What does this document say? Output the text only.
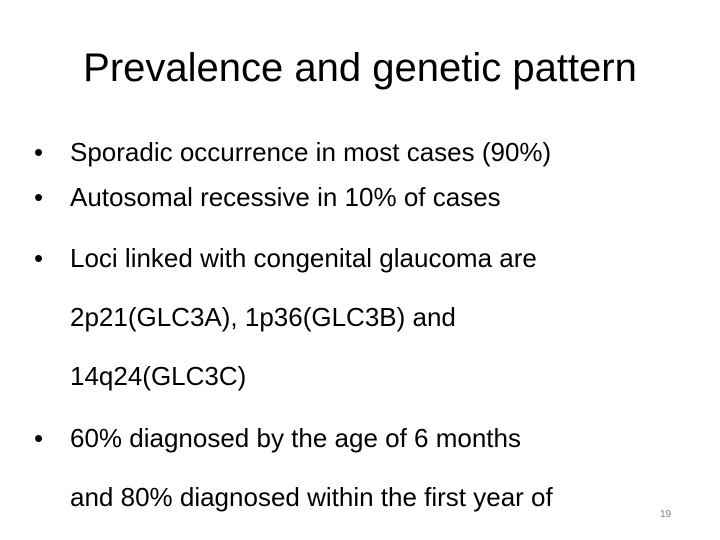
Prevalence and genetic pattern
• Sporadic occurrence in most cases (90%)
• Autosomal recessive in 10% of cases
• Loci linked with congenital glaucoma are
2p21(GLC3A), 1p36(GLC3B) and
14q24(GLC3C)
• 60% diagnosed by the age of 6 months
and 80% diagnosed within the first year of
19
